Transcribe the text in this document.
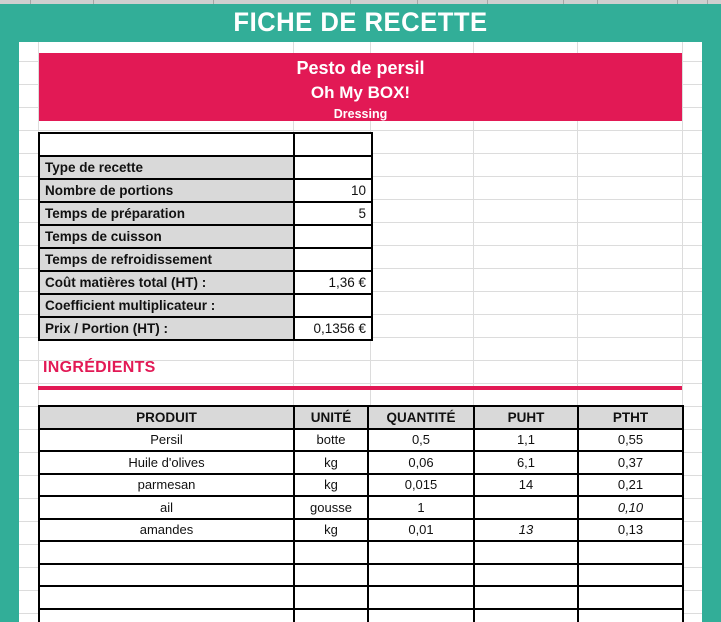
FICHE DE RECETTE
Pesto de persil
Oh My BOX!
Dressing

Type de recette	
Nombre de portions	10
Temps de préparation	5
Temps de cuisson	
Temps de refroidissement	
Coût matières total (HT) :	1,36 €
Coefficient multiplicateur :	
Prix / Portion (HT) :	0,1356 €
INGRÉDIENTS
PRODUIT	UNITÉ	QUANTITÉ	PUHT	PTHT
Persil	botte	0,5	1,1	0,55
Huile d'olives	kg	0,06	6,1	0,37
parmesan	kg	0,015	14	0,21
ail	gousse	1		0,10
amandes	kg	0,01	13	0,13
